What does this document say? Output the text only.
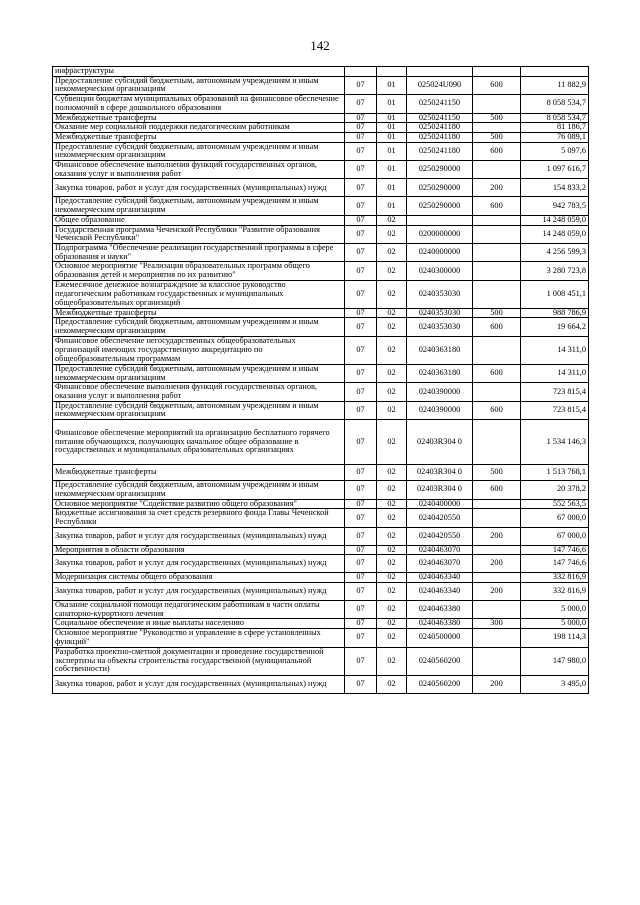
142
инфраструктуры					
Предоставление субсидий бюджетным, автономным учреждениям и иным некоммерческим организациям	07	01	025024U090	600	11 882,9
Субвенции бюджетам муниципальных образований на финансовое обеспечение полномочий в сфере дошкольного образования	07	01	0250241150		8 058 534,7
Межбюджетные трансферты	07	01	0250241150	500	8 058 534,7
Оказание мер социальной поддержки педагогическим работникам	07	01	0250241180		81 186,7
Межбюджетные трансферты	07	01	0250241180	500	76 089,1
Предоставление субсидий бюджетным, автономным учреждениям и иным некоммерческим организациям	07	01	0250241180	600	5 097,6
Финансовое обеспечение выполнения функций государственных органов, оказания услуг и выполнения работ	07	01	0250290000		1 097 616,7
Закупка товаров, работ и услуг для государственных (муниципальных) нужд	07	01	0250290000	200	154 833,2
Предоставление субсидий бюджетным, автономным учреждениям и иным некоммерческим организациям	07	01	0250290000	600	942 783,5
Общее образование	07	02			14 248 059,0
Государственная программа Чеченской Республики "Развитие образования Чеченской Республики"	07	02	0200000000		14 248 059,0
Подпрограмма "Обеспечение реализации государственной программы в сфере образования и науки"	07	02	0240000000		4 256 599,3
Основное мероприятие "Реализация образовательных программ общего образования детей и мероприятия по их развитию"	07	02	0240300000		3 280 723,8
Ежемесячное денежное вознаграждение за классное руководство педагогическим работникам государственных и муниципальных общеобразовательных организаций	07	02	0240353030		1 008 451,1
Межбюджетные трансферты	07	02	0240353030	500	988 786,9
Предоставление субсидий бюджетным, автономным учреждениям и иным некоммерческим организациям	07	02	0240353030	600	19 664,2
Финансовое обеспечение негосударственных общеобразовательных организаций имеющих государственную аккредитацию по общеобразовательным программам	07	02	0240363180		14 311,0
Предоставление субсидий бюджетным, автономным учреждениям и иным некоммерческим организациям	07	02	0240363180	600	14 311,0
Финансовое обеспечение выполнения функций государственных органов, оказания услуг и выполнения работ	07	02	0240390000		723 815,4
Предоставление субсидий бюджетным, автономным учреждениям и иным некоммерческим организациям	07	02	0240390000	600	723 815,4
Финансовое обеспечение мероприятий на организацию бесплатного горячего питания обучающихся, получающих начальное общее образование в государственных и муниципальных образовательных организациях	07	02	02403R304 0		1 534 146,3
Межбюджетные трансферты	07	02	02403R304 0	500	1 513 768,1
Предоставление субсидий бюджетным, автономным учреждениям и иным некоммерческим организациям	07	02	02403R304 0	600	20 378,2
Основное мероприятие "Содействие развитию общего образования"	07	02	0240400000		552 563,5
Бюджетные ассигнования за счет средств резервного фонда Главы Чеченской Республики	07	02	0240420550		67 000,0
Закупка товаров, работ и услуг для государственных (муниципальных) нужд	07	02	0240420550	200	67 000,0
Мероприятия в области образования	07	02	0240463070		147 746,6
Закупка товаров, работ и услуг для государственных (муниципальных) нужд	07	02	0240463070	200	147 746,6
Модернизация системы общего образования	07	02	0240463340		332 816,9
Закупка товаров, работ и услуг для государственных (муниципальных) нужд	07	02	0240463340	200	332 816,9
Оказание социальной помощи педагогическим работникам в части оплаты санаторно-курортного лечения	07	02	0240463380		5 000,0
Социальное обеспечение и иные выплаты населению	07	02	0240463380	300	5 000,0
Основное мероприятие "Руководство и управление в сфере установленных функций"	07	02	0240500000		198 114,3
Разработка проектно-сметной документации и проведение государственной экспертизы на объекты строительства государственной (муниципальной собственности)	07	02	0240560200		147 980,0
Закупка товаров, работ и услуг для государственных (муниципальных) нужд	07	02	0240560200	200	3 495,0
